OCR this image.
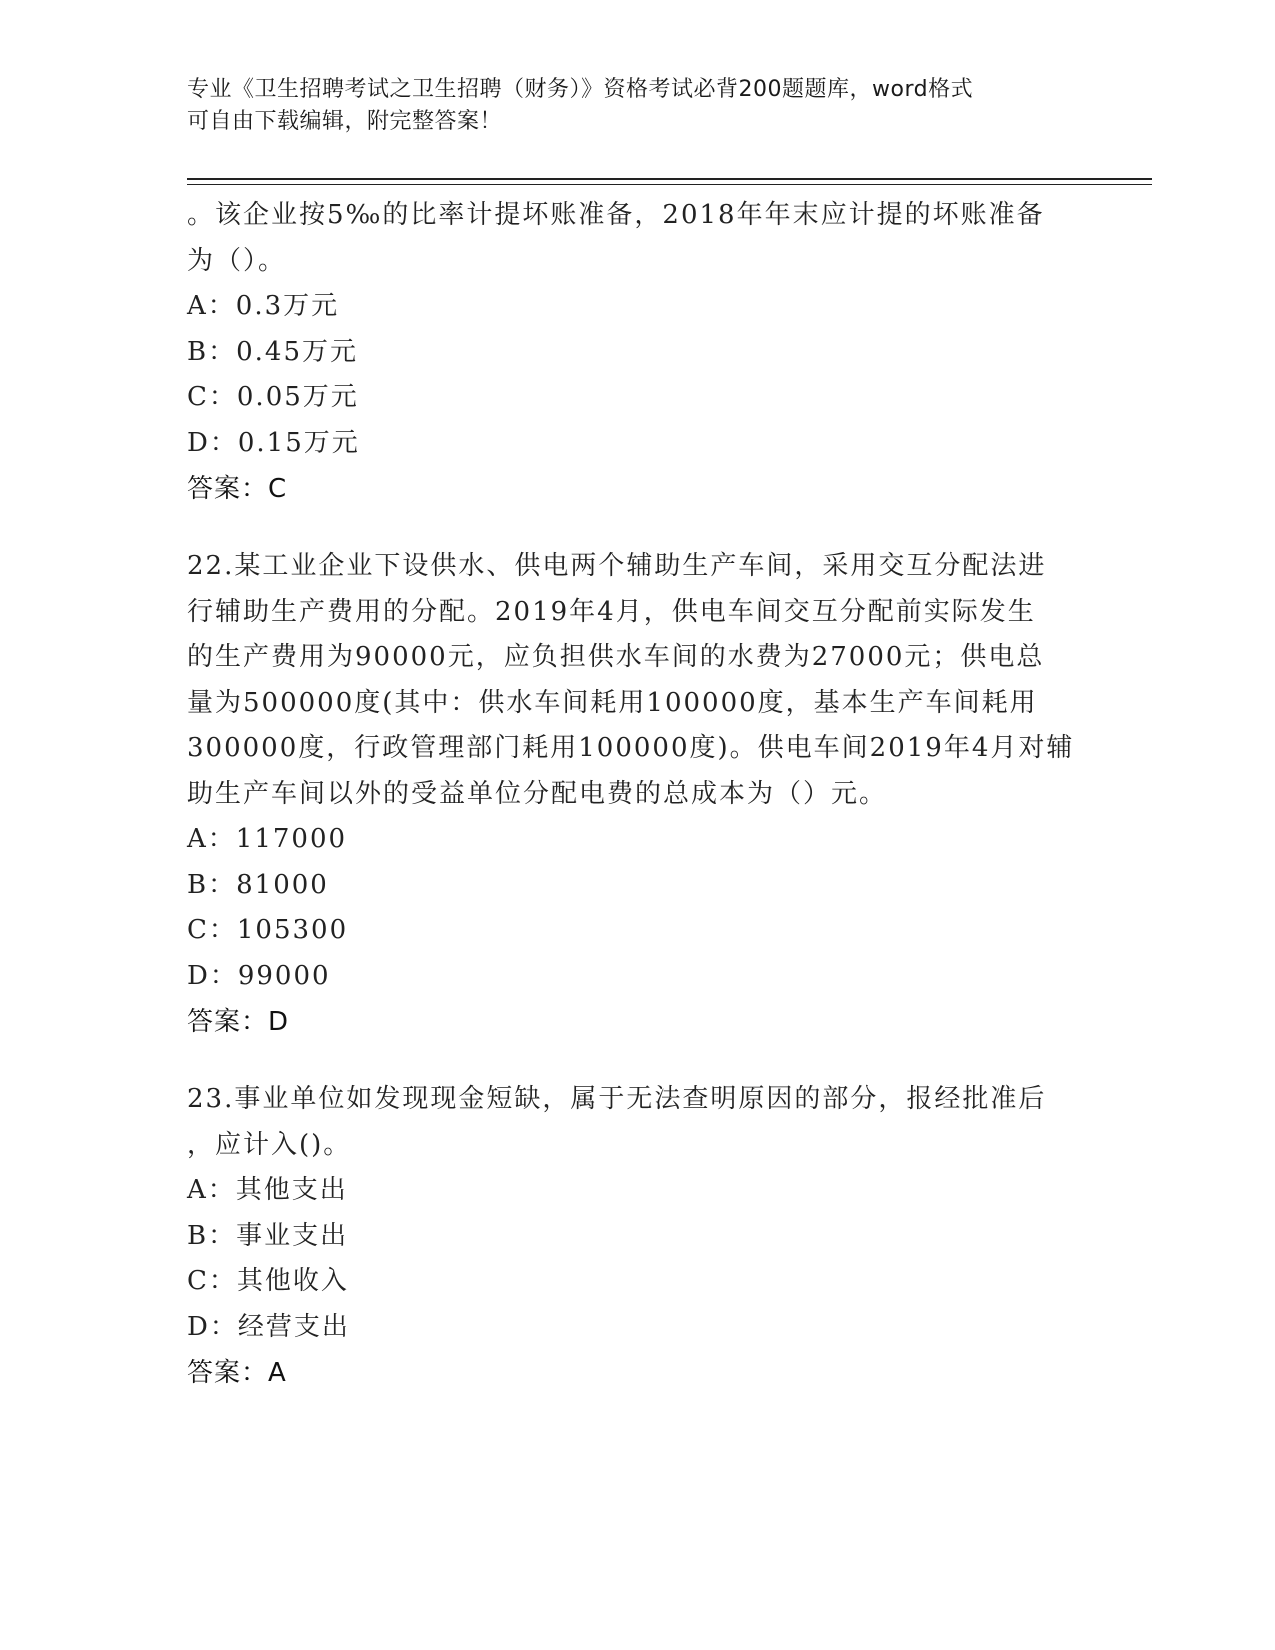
专业《卫生招聘考试之卫生招聘（财务）》资格考试必背200题题库，word格式
可自由下载编辑，附完整答案！
。该企业按5‰的比率计提坏账准备，2018年年末应计提的坏账准备
为（）。
A：0.3万元
B：0.45万元
C：0.05万元
D：0.15万元
答案：C
22.某工业企业下设供水、供电两个辅助生产车间，采用交互分配法进
行辅助生产费用的分配。2019年4月，供电车间交互分配前实际发生
的生产费用为90000元，应负担供水车间的水费为27000元；供电总
量为500000度(其中：供水车间耗用100000度，基本生产车间耗用
300000度，行政管理部门耗用100000度)。供电车间2019年4月对辅
助生产车间以外的受益单位分配电费的总成本为（）元。
A：117000
B：81000
C：105300
D：99000
答案：D
23.事业单位如发现现金短缺，属于无法查明原因的部分，报经批准后
，应计入()。
A：其他支出
B：事业支出
C：其他收入
D：经营支出
答案：A
